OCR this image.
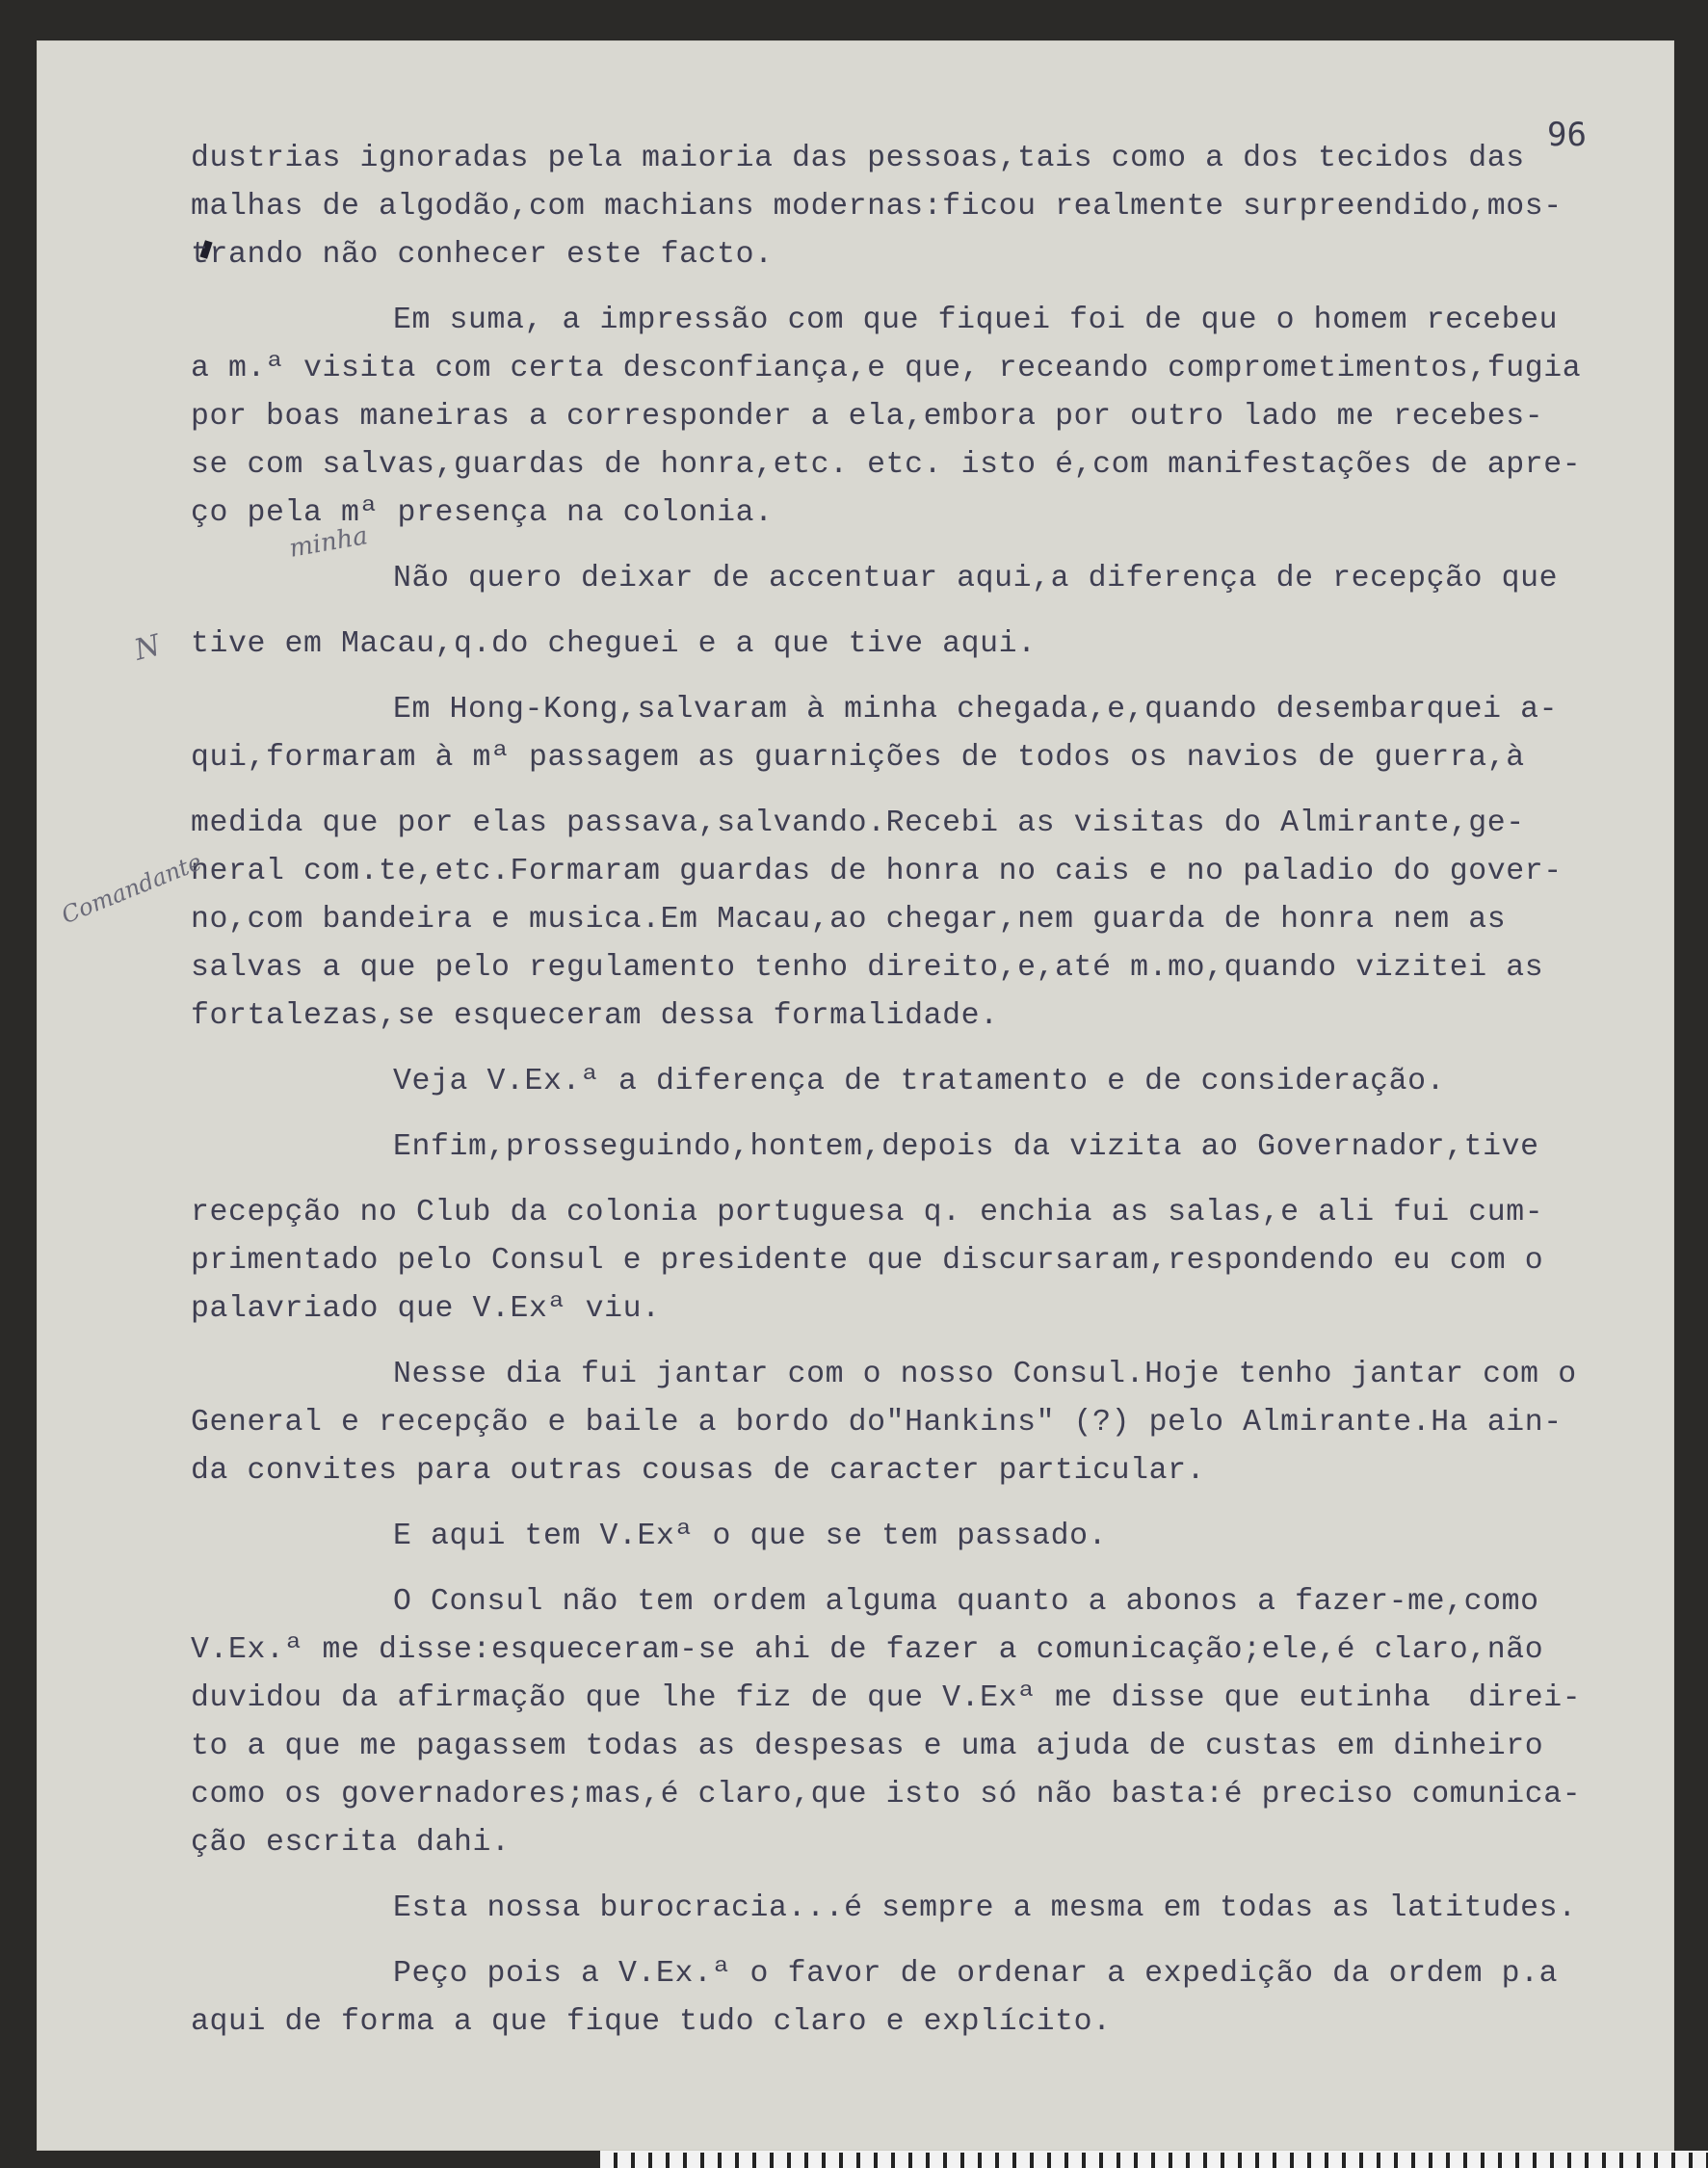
96
dustrias ignoradas pela maioria das pessoas,tais como a dos tecidos das
malhas de algodão,com machians modernas:ficou realmente surpreendido,mos-
trando não conhecer este facto.
Em suma, a impressão com que fiquei foi de que o homem recebeu
a m.ª visita com certa desconfiança,e que, receando comprometimentos,fugia
por boas maneiras a corresponder a ela,embora por outro lado me recebes-
se com salvas,guardas de honra,etc. etc. isto é,com manifestações de apre-
ço pela mª presença na colonia.
Não quero deixar de accentuar aqui,a diferença de recepção que
tive em Macau,q.do cheguei e a que tive aqui.
Em Hong-Kong,salvaram à minha chegada,e,quando desembarquei a-
qui,formaram à mª passagem as guarnições de todos os navios de guerra,à
medida que por elas passava,salvando.Recebi as visitas do Almirante,ge-
neral com.te,etc.Formaram guardas de honra no cais e no paladio do gover-
no,com bandeira e musica.Em Macau,ao chegar,nem guarda de honra nem as
salvas a que pelo regulamento tenho direito,e,até m.mo,quando vizitei as
fortalezas,se esqueceram dessa formalidade.
Veja V.Ex.ª a diferença de tratamento e de consideração.
Enfim,prosseguindo,hontem,depois da vizita ao Governador,tive
recepção no Club da colonia portuguesa q. enchia as salas,e ali fui cum-
primentado pelo Consul e presidente que discursaram,respondendo eu com o
palavriado que V.Exª viu.
Nesse dia fui jantar com o nosso Consul.Hoje tenho jantar com o
General e recepção e baile a bordo do"Hankins" (?) pelo Almirante.Ha ain-
da convites para outras cousas de caracter particular.
E aqui tem V.Exª o que se tem passado.
O Consul não tem ordem alguma quanto a abonos a fazer-me,como
V.Ex.ª me disse:esqueceram-se ahi de fazer a comunicação;ele,é claro,não
duvidou da afirmação que lhe fiz de que V.Exª me disse que eutinha  direi-
to a que me pagassem todas as despesas e uma ajuda de custas em dinheiro
como os governadores;mas,é claro,que isto só não basta:é preciso comunica-
ção escrita dahi.
Esta nossa burocracia...é sempre a mesma em todas as latitudes.
Peço pois a V.Ex.ª o favor de ordenar a expedição da ordem p.a
aqui de forma a que fique tudo claro e explícito.
minha
Comandante
N
